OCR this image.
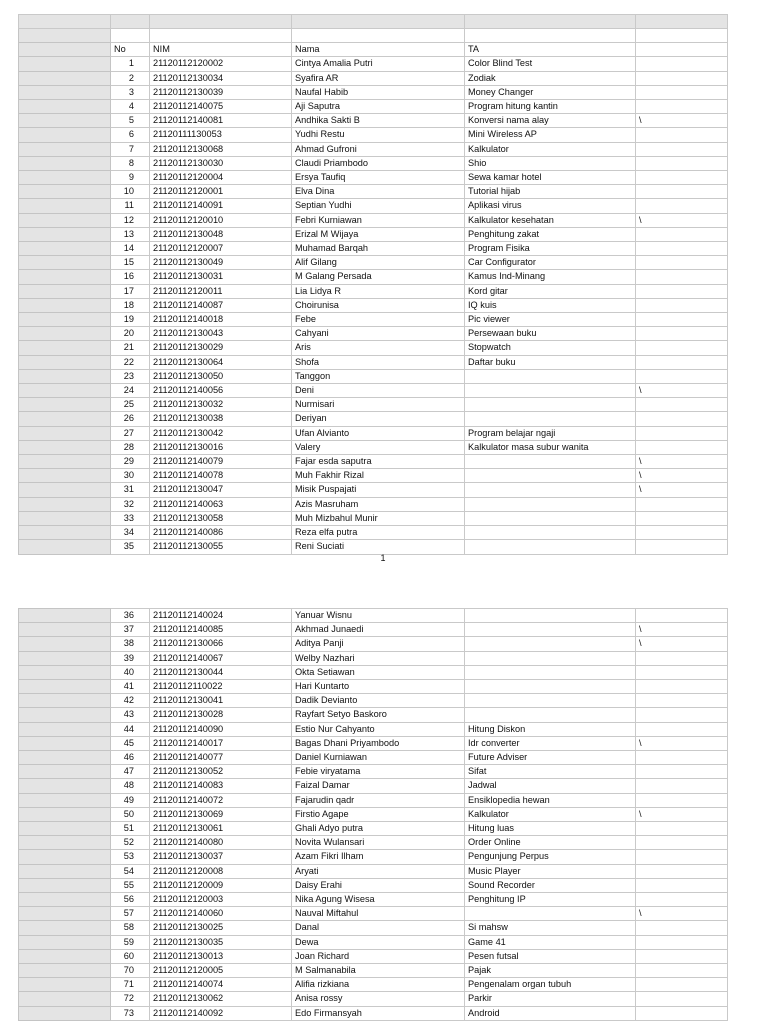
	No	NIM	Nama	TA	
	1	21120112120002	Cintya Amalia Putri	Color Blind Test	
	2	21120112130034	Syafira AR	Zodiak	
	3	21120112130039	Naufal Habib	Money Changer	
	4	21120112140075	Aji Saputra	Program hitung kantin	
	5	21120112140081	Andhika Sakti B	Konversi nama alay	\
	6	21120111130053	Yudhi Restu	Mini Wireless AP	
	7	21120112130068	Ahmad Gufroni	Kalkulator	
	8	21120112130030	Claudi Priambodo	Shio	
	9	21120112120004	Ersya Taufiq	Sewa kamar hotel	
	10	21120112120001	Elva Dina	Tutorial hijab	
	11	21120112140091	Septian Yudhi	Aplikasi virus	
	12	21120112120010	Febri Kurniawan	Kalkulator kesehatan	\
	13	21120112130048	Erizal M Wijaya	Penghitung zakat	
	14	21120112120007	Muhamad Barqah	Program Fisika	
	15	21120112130049	Alif Gilang	Car Configurator	
	16	21120112130031	M Galang Persada	Kamus Ind-Minang	
	17	21120112120011	Lia Lidya R	Kord gitar	
	18	21120112140087	Choirunisa	IQ kuis	
	19	21120112140018	Febe	Pic viewer	
	20	21120112130043	Cahyani	Persewaan buku	
	21	21120112130029	Aris	Stopwatch	
	22	21120112130064	Shofa	Daftar buku	
	23	21120112130050	Tanggon		
	24	21120112140056	Deni		\
	25	21120112130032	Nurmisari		
	26	21120112130038	Deriyan		
	27	21120112130042	Ufan Alvianto	Program belajar ngaji	
	28	21120112130016	Valery	Kalkulator masa subur wanita	
	29	21120112140079	Fajar esda saputra		\
	30	21120112140078	Muh Fakhir Rizal		\
	31	21120112130047	Misik Puspajati		\
	32	21120112140063	Azis Masruham		
	33	21120112130058	Muh Mizbahul Munir		
	34	21120112140086	Reza elfa putra		
	35	21120112130055	Reni Suciati		
1
	36	21120112140024	Yanuar Wisnu		
	37	21120112140085	Akhmad Junaedi		\
	38	21120112130066	Aditya Panji		\
	39	21120112140067	Welby Nazhari		
	40	21120112130044	Okta Setiawan		
	41	21120112110022	Hari Kuntarto		
	42	21120112130041	Dadik Devianto		
	43	21120112130028	Rayfart Setyo Baskoro		
	44	21120112140090	Estio Nur Cahyanto	Hitung Diskon	
	45	21120112140017	Bagas Dhani Priyambodo	Idr converter	\
	46	21120112140077	Daniel Kurniawan	Future Adviser	
	47	21120112130052	Febie viryatama	Sifat	
	48	21120112140083	Faizal Damar	Jadwal	
	49	21120112140072	Fajarudin qadr	Ensiklopedia hewan	
	50	21120112130069	Firstio Agape	Kalkulator	\
	51	21120112130061	Ghali Adyo putra	Hitung luas	
	52	21120112140080	Novita Wulansari	Order Online	
	53	21120112130037	Azam Fikri Ilham	Pengunjung Perpus	
	54	21120112120008	Aryati	Music Player	
	55	21120112120009	Daisy Erahi	Sound Recorder	
	56	21120112120003	Nika Agung Wisesa	Penghitung IP	
	57	21120112140060	Nauval Miftahul		\
	58	21120112130025	Danal	Si mahsw	
	59	21120112130035	Dewa	Game 41	
	60	21120112130013	Joan Richard	Pesen futsal	
	70	21120112120005	M Salmanabila	Pajak	
	71	21120112140074	Alifia rizkiana	Pengenalam organ tubuh	
	72	21120112130062	Anisa rossy	Parkir	
	73	21120112140092	Edo Firmansyah	Android	
